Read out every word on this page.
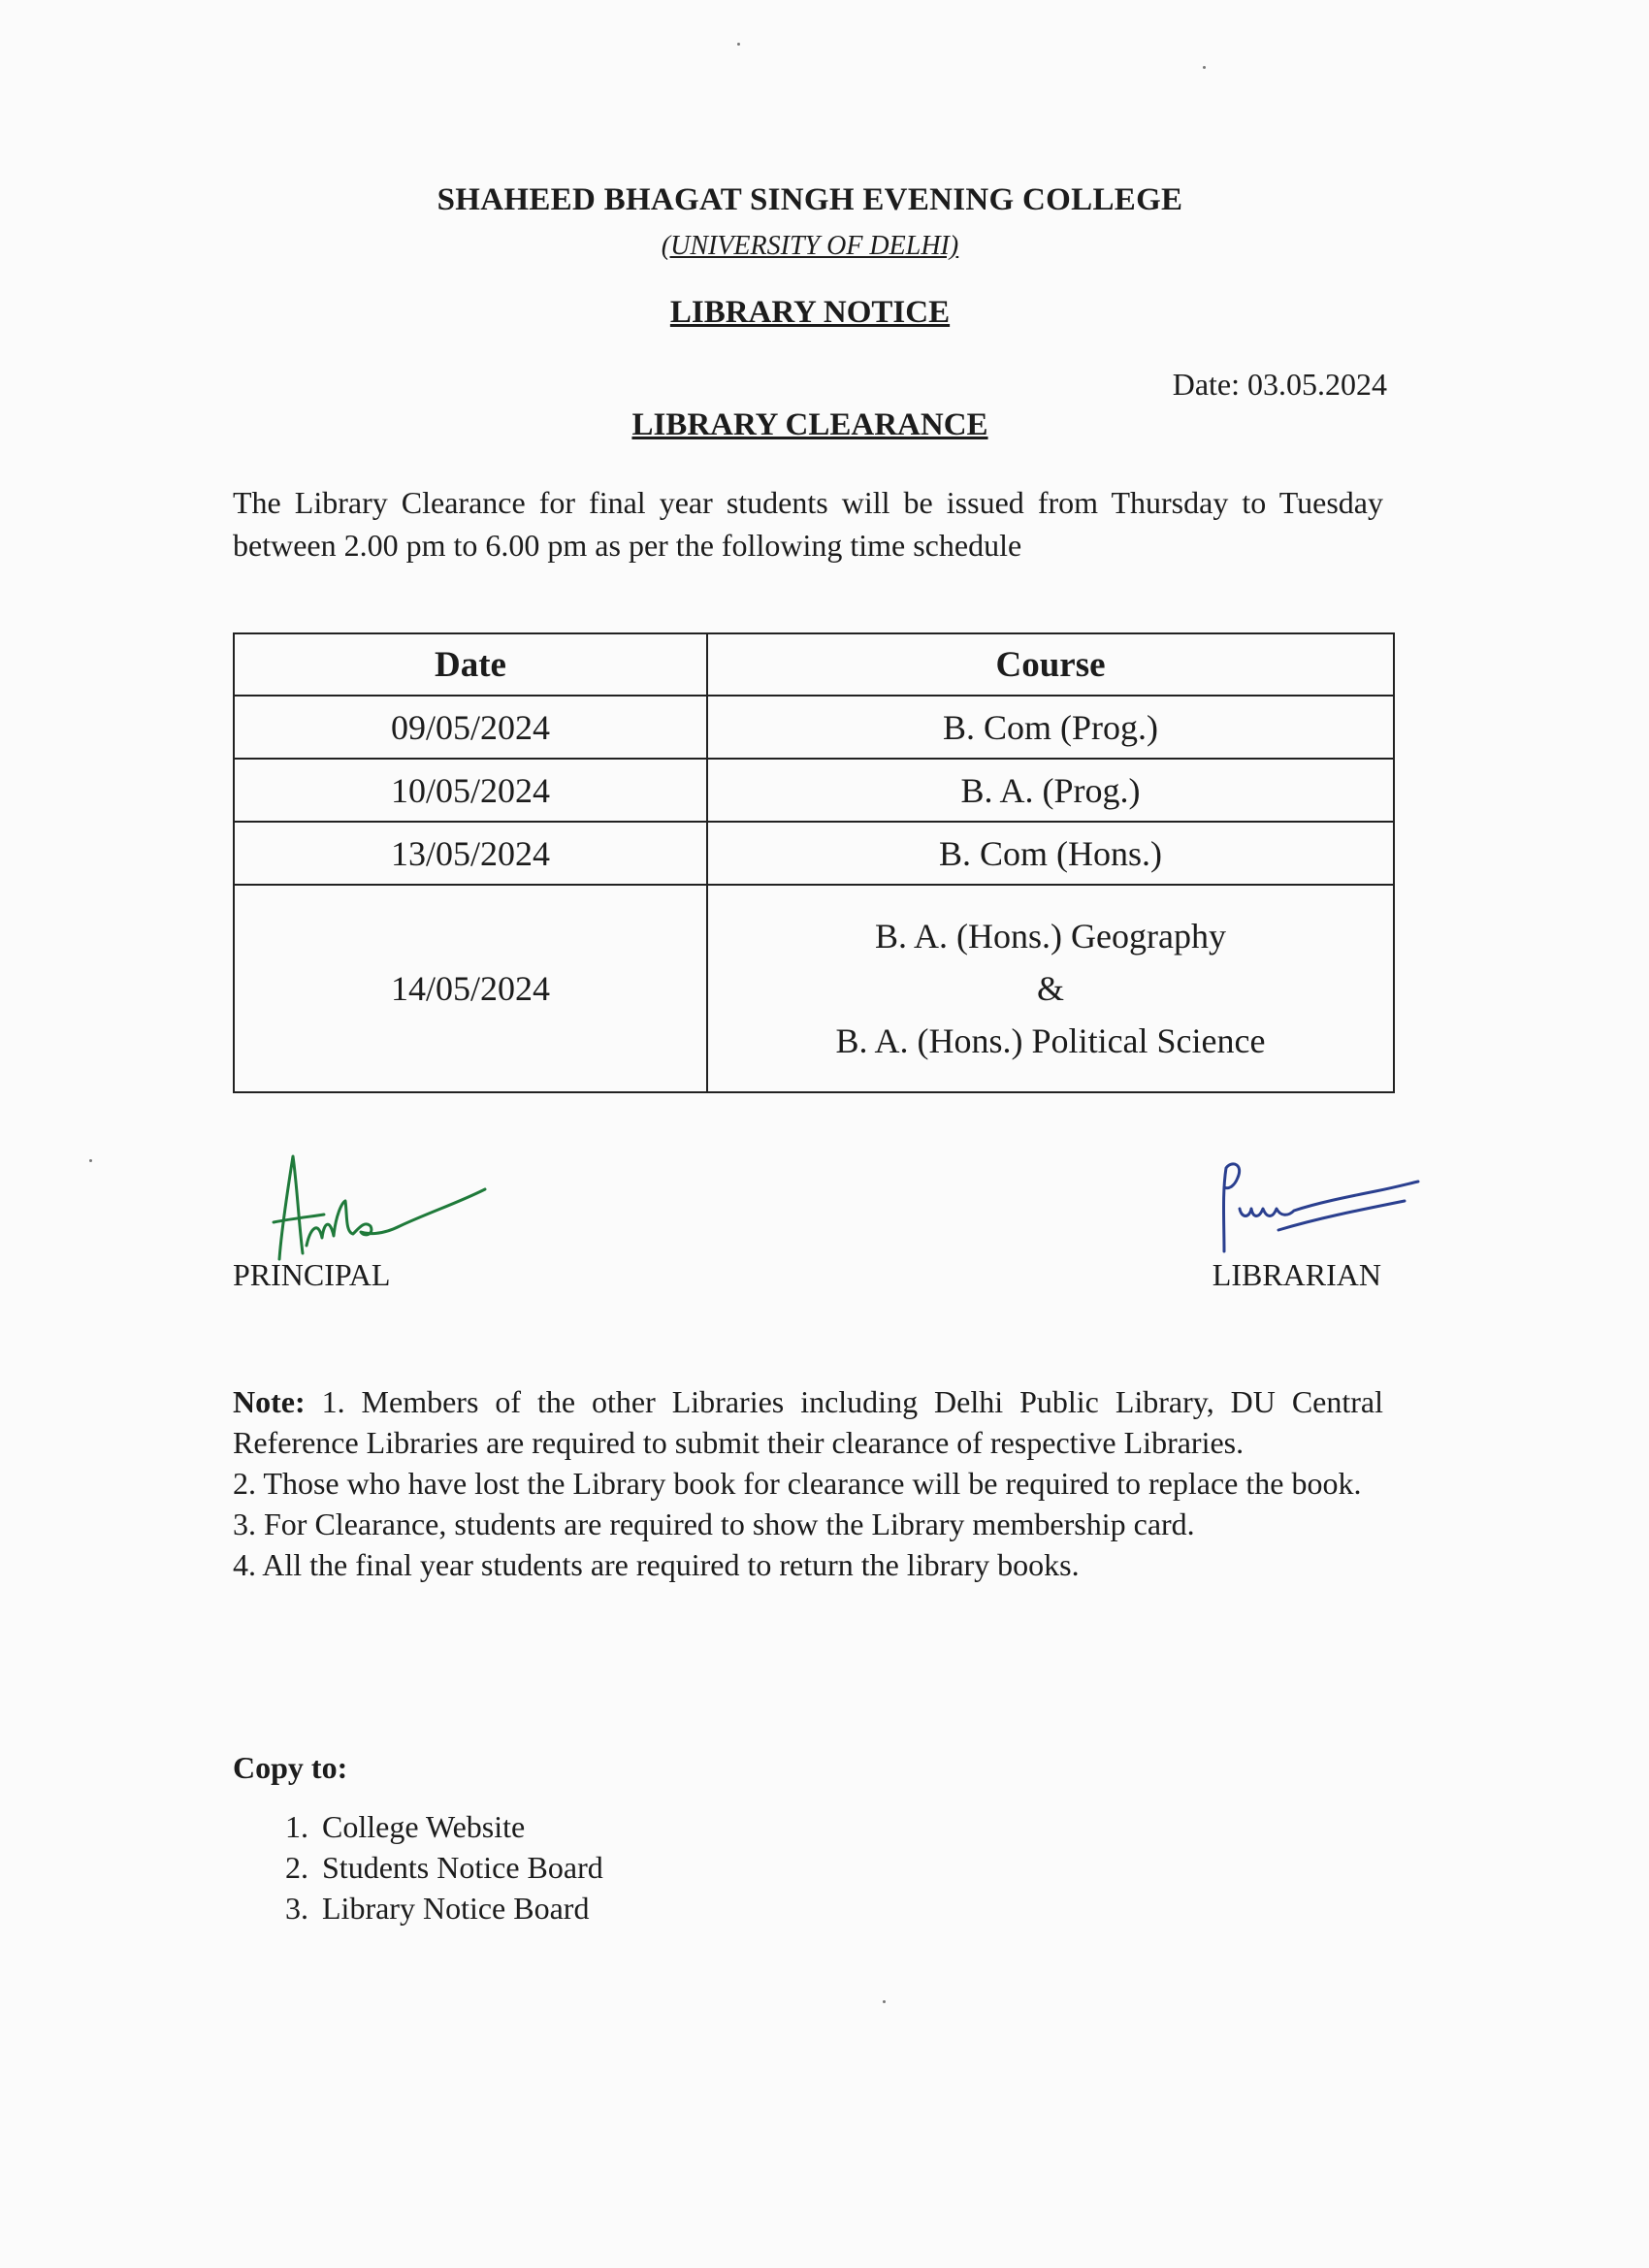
SHAHEED BHAGAT SINGH EVENING COLLEGE
(UNIVERSITY OF DELHI)
LIBRARY NOTICE
Date: 03.05.2024
LIBRARY CLEARANCE
The Library Clearance for final year students will be issued from Thursday to Tuesday between 2.00 pm to 6.00 pm as per the following time schedule
Date	Course
09/05/2024	B. Com (Prog.)
10/05/2024	B. A. (Prog.)
13/05/2024	B. Com (Hons.)
14/05/2024	B. A. (Hons.) Geography
&
B. A. (Hons.) Political Science
PRINCIPAL	LIBRARIAN

Note: 1. Members of the other Libraries including Delhi Public Library, DU Central Reference Libraries are required to submit their clearance of respective Libraries.

2. Those who have lost the Library book for clearance will be required to replace the book.

3. For Clearance, students are required to show the Library membership card.

4. All the final year students are required to return the library books.

Copy to:
1. College Website
2. Students Notice Board
3. Library Notice Board
